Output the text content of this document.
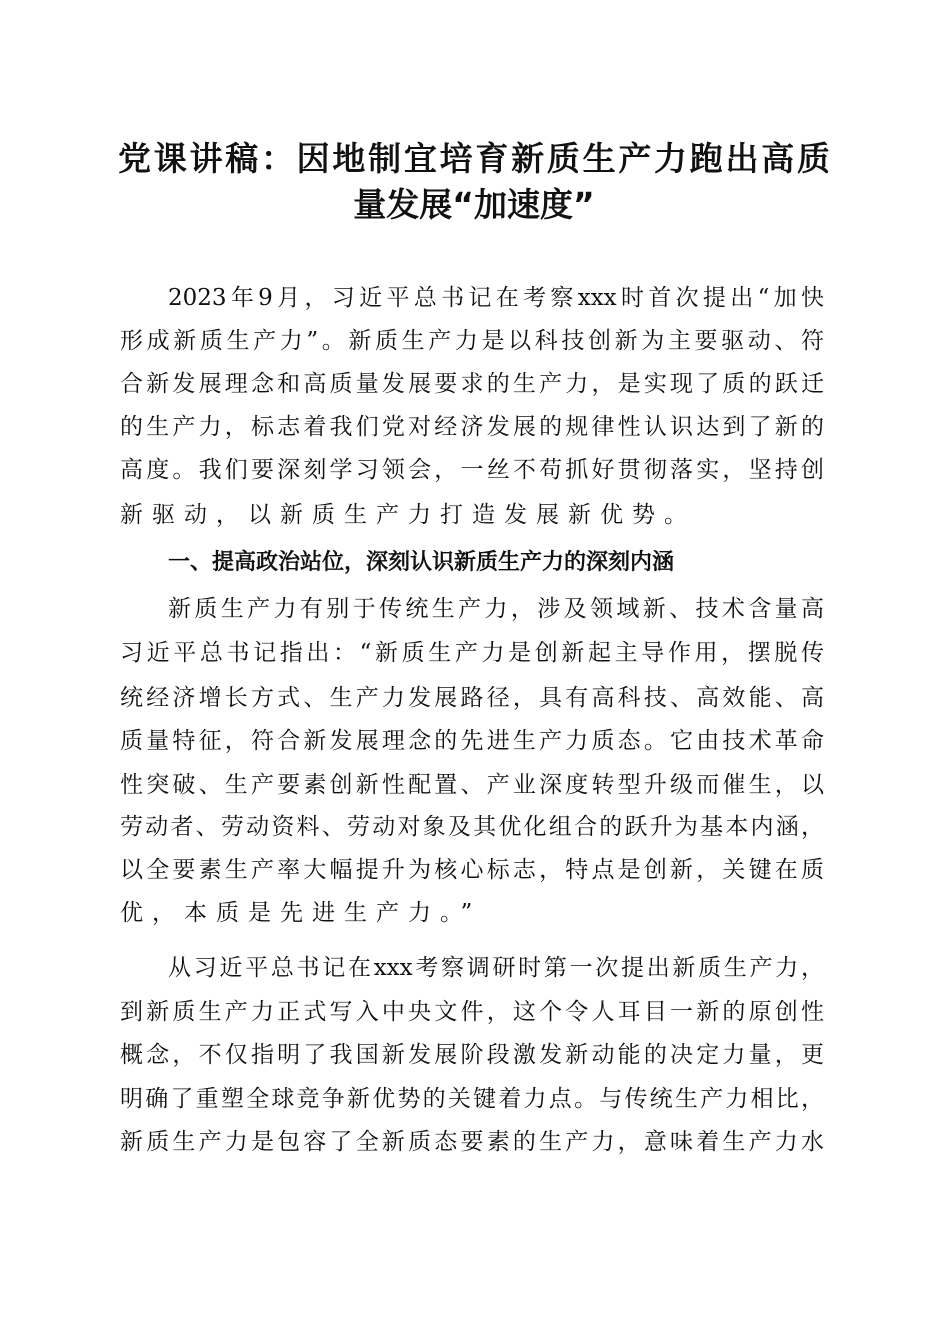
党课讲稿：因地制宜培育新质生产力跑出高质
量发展“加速度”
2023年9月，习近平总书记在考察xxx时首次提出“加快
形成新质生产力”。新质生产力是以科技创新为主要驱动、符
合新发展理念和高质量发展要求的生产力，是实现了质的跃迁
的生产力，标志着我们党对经济发展的规律性认识达到了新的
高度。我们要深刻学习领会，一丝不苟抓好贯彻落实，坚持创
新驱动，以新质生产力打造发展新优势。
一、提高政治站位，深刻认识新质生产力的深刻内涵
新质生产力有别于传统生产力，涉及领域新、技术含量高
习近平总书记指出：“新质生产力是创新起主导作用，摆脱传
统经济增长方式、生产力发展路径，具有高科技、高效能、高
质量特征，符合新发展理念的先进生产力质态。它由技术革命
性突破、生产要素创新性配置、产业深度转型升级而催生，以
劳动者、劳动资料、劳动对象及其优化组合的跃升为基本内涵，
以全要素生产率大幅提升为核心标志，特点是创新，关键在质
优，本质是先进生产力。”
从习近平总书记在xxx考察调研时第一次提出新质生产力，
到新质生产力正式写入中央文件，这个令人耳目一新的原创性
概念，不仅指明了我国新发展阶段激发新动能的决定力量，更
明确了重塑全球竞争新优势的关键着力点。与传统生产力相比，
新质生产力是包容了全新质态要素的生产力，意味着生产力水
